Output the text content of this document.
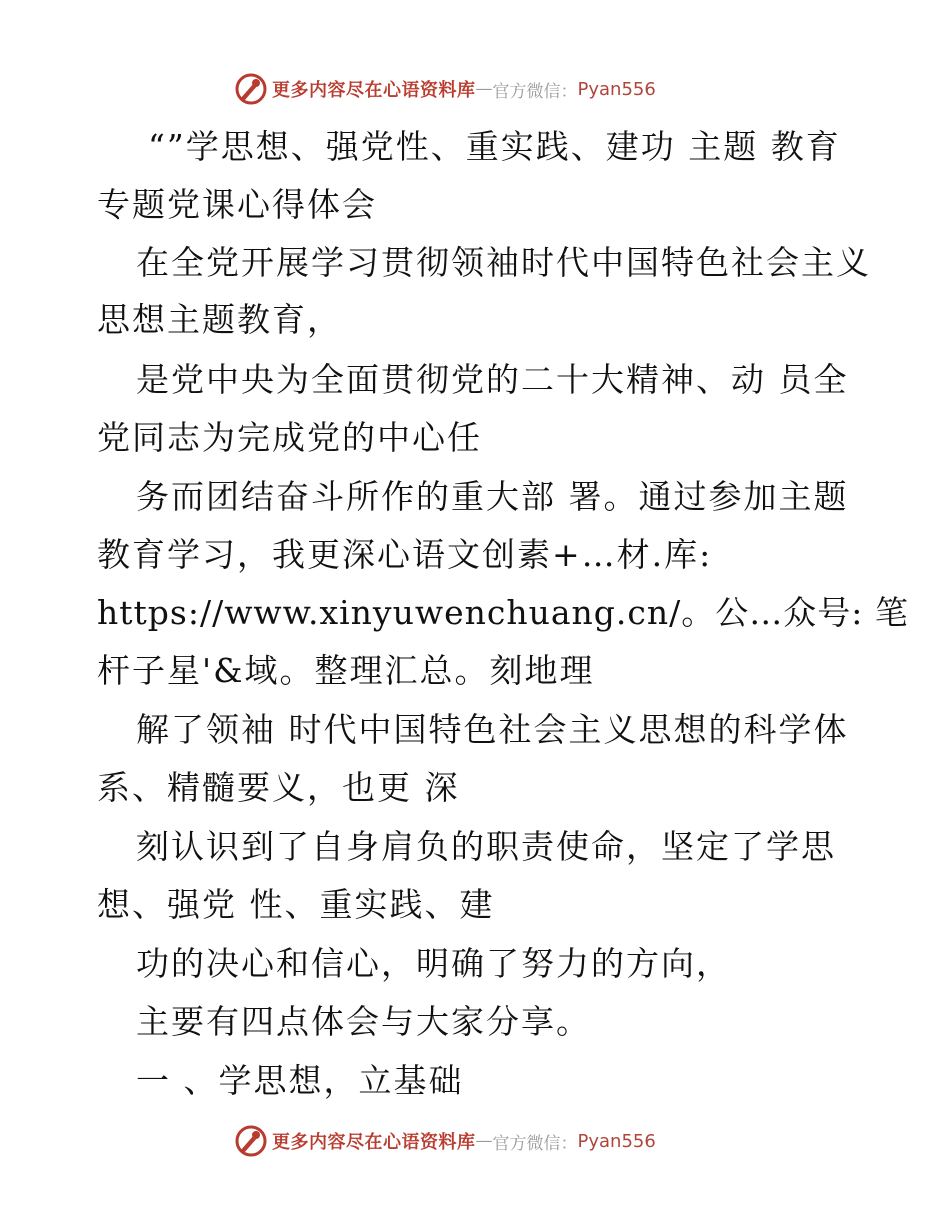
更多内容尽在心语资料库 — 官方微信： Pyan556
“”学思想、强党性、重实践、建功 主题 教育
专题党课心得体会
在全党开展学习贯彻领袖时代中国特色社会主义
思想主题教育，
是党中央为全面贯彻党的二十大精神、动 员全
党同志为完成党的中心任
务而团结奋斗所作的重大部 署。通过参加主题
教育学习，我更深心语文创素+…材.库:
https://www.xinyuwenchuang.cn/。公…众号: 笔
杆子星'&域。整理汇总。刻地理
解了领袖 时代中国特色社会主义思想的科学体
系、精髓要义，也更 深
刻认识到了自身肩负的职责使命，坚定了学思
想、强党 性、重实践、建
功的决心和信心，明确了努力的方向，
主要有四点体会与大家分享。
一 、学思想，立基础
更多内容尽在心语资料库 — 官方微信： Pyan556
